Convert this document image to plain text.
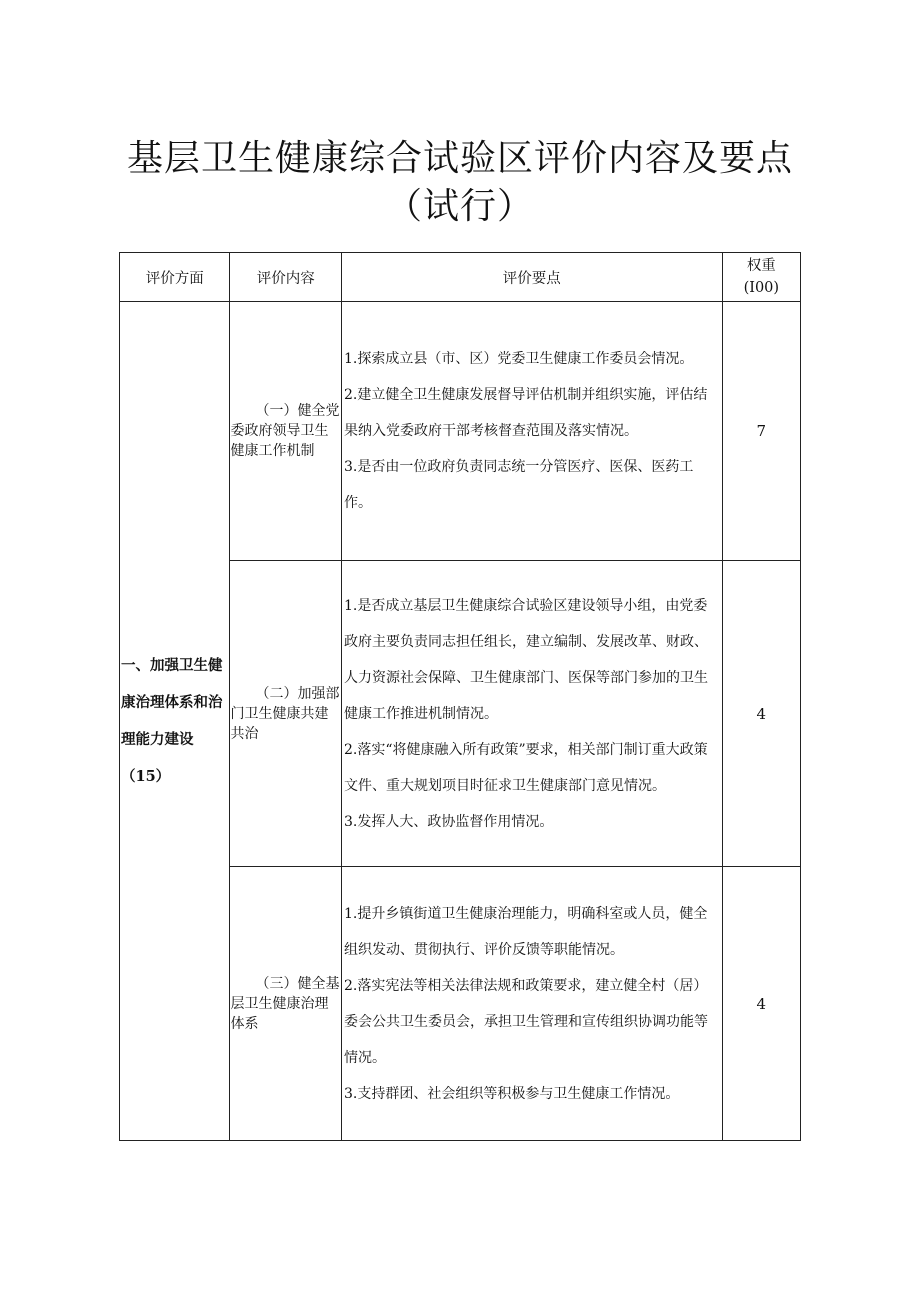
基层卫生健康综合试验区评价内容及要点
（试行）
评价方面	评价内容	评价要点	权重
(I00)

一、加强卫生健康治理体系和治理能力建设（15）	（一）健全党委政府领导卫生健康工作机制	1.探索成立县（市、区）党委卫生健康工作委员会情况。

2.建立健全卫生健康发展督导评估机制并组织实施，评估结果纳入党委政府干部考核督查范围及落实情况。

3.是否由一位政府负责同志统一分管医疗、医保、医药工作。	7
	（二）加强部门卫生健康共建共治	1.是否成立基层卫生健康综合试验区建设领导小组，由党委政府主要负责同志担任组长，建立编制、发展改革、财政、人力资源社会保障、卫生健康部门、医保等部门参加的卫生健康工作推进机制情况。

2.落实“将健康融入所有政策”要求，相关部门制订重大政策文件、重大规划项目时征求卫生健康部门意见情况。

3.发挥人大、政协监督作用情况。	4
	（三）健全基层卫生健康治理体系	1.提升乡镇街道卫生健康治理能力，明确科室或人员，健全组织发动、贯彻执行、评价反馈等职能情况。

2.落实宪法等相关法律法规和政策要求，建立健全村（居）委会公共卫生委员会，承担卫生管理和宣传组织协调功能等情况。

3.支持群团、社会组织等积极参与卫生健康工作情况。	4
